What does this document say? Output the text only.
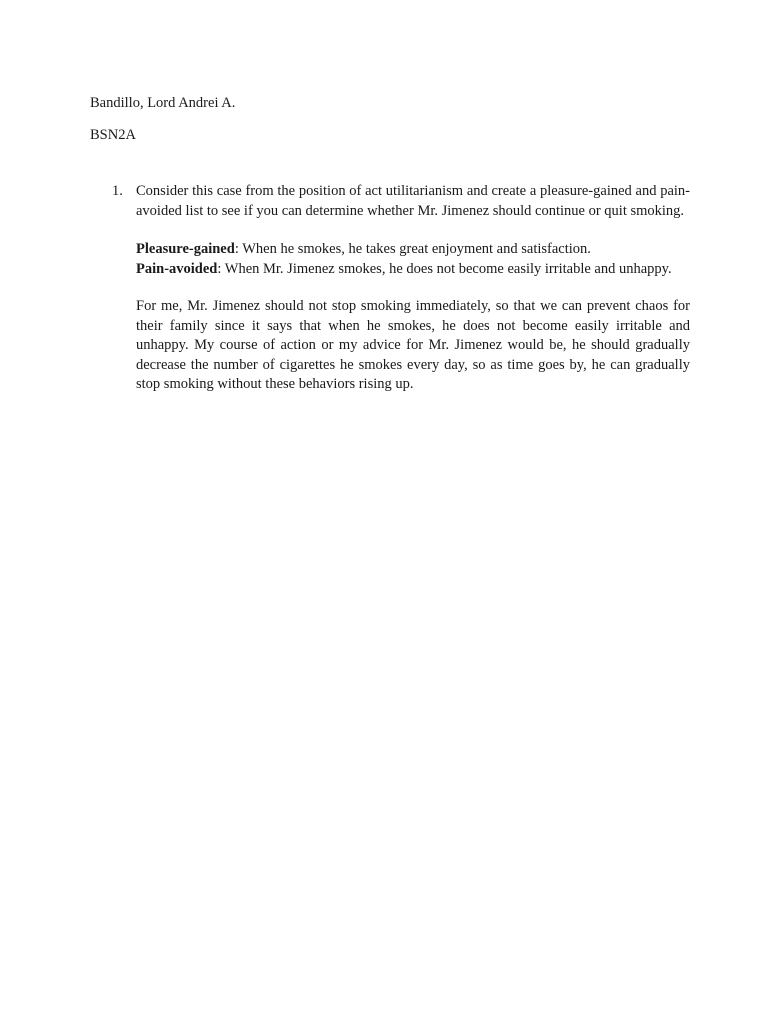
Bandillo, Lord Andrei A.

BSN2A

1. Consider this case from the position of act utilitarianism and create a pleasure-gained and pain-avoided list to see if you can determine whether Mr. Jimenez should continue or quit smoking.

Pleasure-gained: When he smokes, he takes great enjoyment and satisfaction.

Pain-avoided: When Mr. Jimenez smokes, he does not become easily irritable and unhappy.

For me, Mr. Jimenez should not stop smoking immediately, so that we can prevent chaos for their family since it says that when he smokes, he does not become easily irritable and unhappy. My course of action or my advice for Mr. Jimenez would be, he should gradually decrease the number of cigarettes he smokes every day, so as time goes by, he can gradually stop smoking without these behaviors rising up.
